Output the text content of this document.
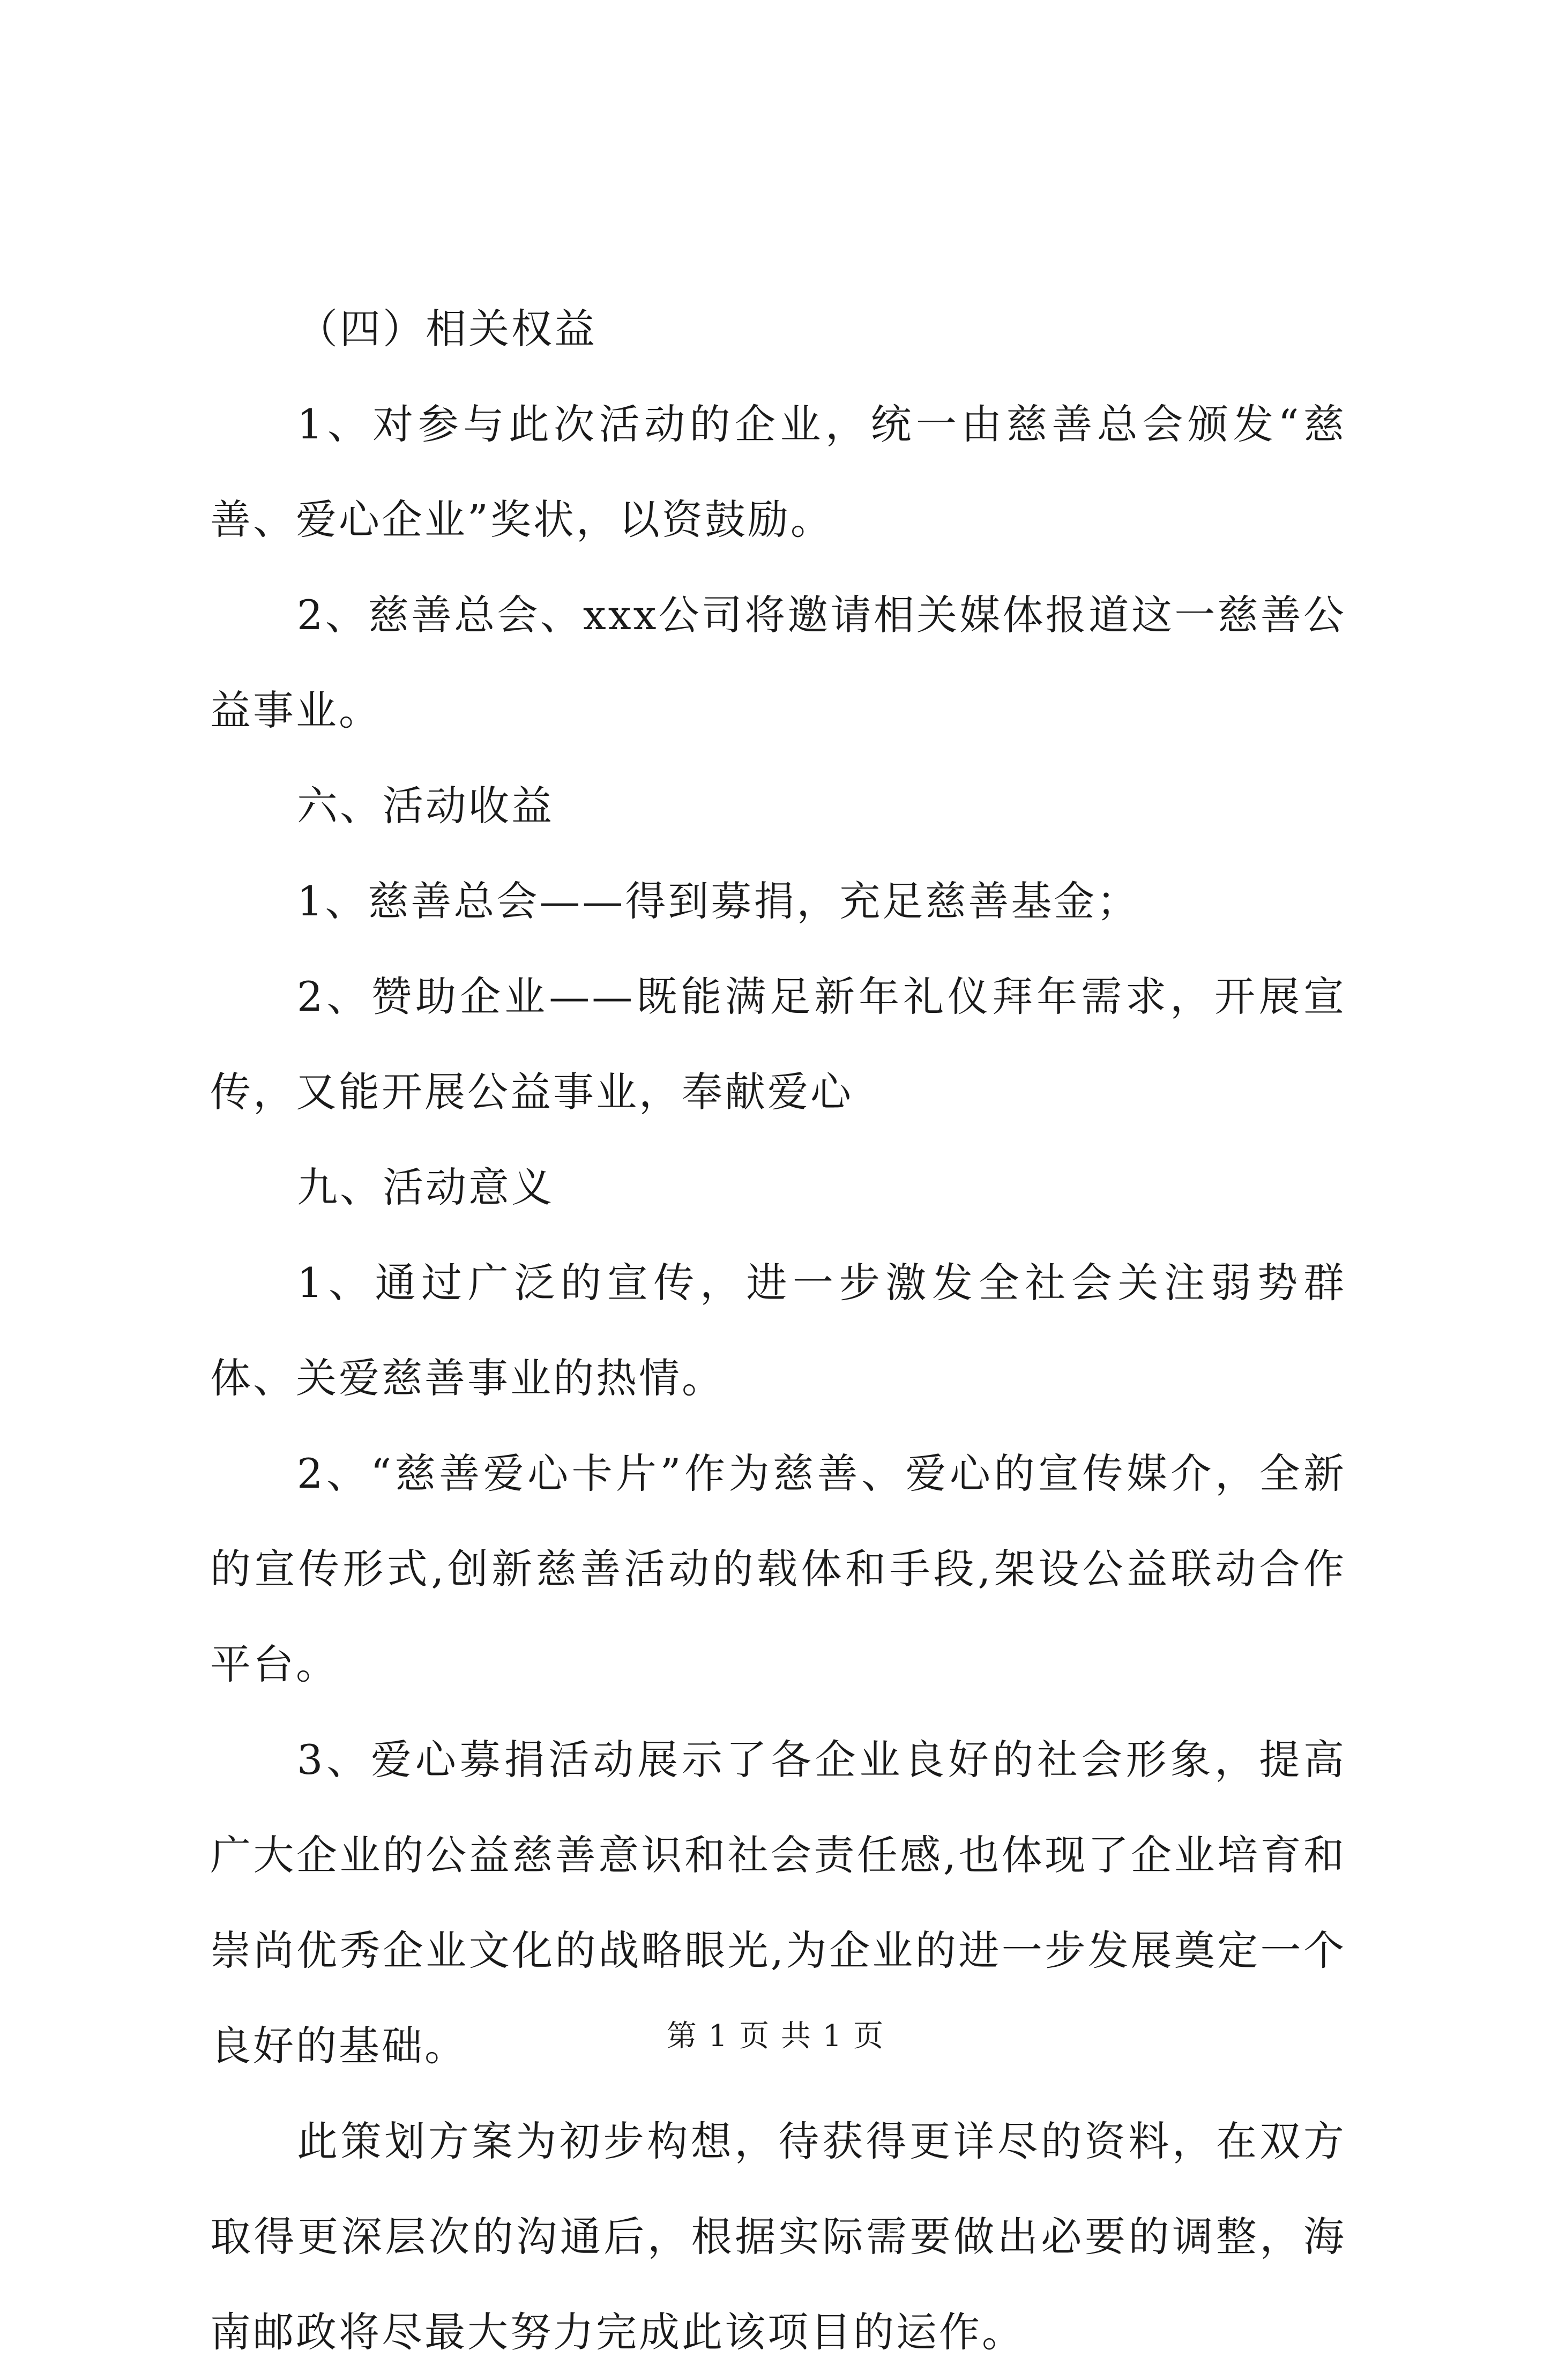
（四）相关权益

1、对参与此次活动的企业，统一由慈善总会颁发“慈善、爱心企业”奖状，以资鼓励。

2、慈善总会、xxx公司将邀请相关媒体报道这一慈善公益事业。

六、活动收益

1、慈善总会——得到募捐，充足慈善基金；

2、赞助企业——既能满足新年礼仪拜年需求，开展宣传，又能开展公益事业，奉献爱心

九、活动意义

1、通过广泛的宣传，进一步激发全社会关注弱势群体、关爱慈善事业的热情。

2、“慈善爱心卡片”作为慈善、爱心的宣传媒介，全新的宣传形式,创新慈善活动的载体和手段,架设公益联动合作平台。

3、爱心募捐活动展示了各企业良好的社会形象，提高广大企业的公益慈善意识和社会责任感,也体现了企业培育和崇尚优秀企业文化的战略眼光,为企业的进一步发展奠定一个良好的基础。

此策划方案为初步构想，待获得更详尽的资料，在双方取得更深层次的沟通后，根据实际需要做出必要的调整，海南邮政将尽最大努力完成此该项目的运作。

第 1 页 共 1 页
